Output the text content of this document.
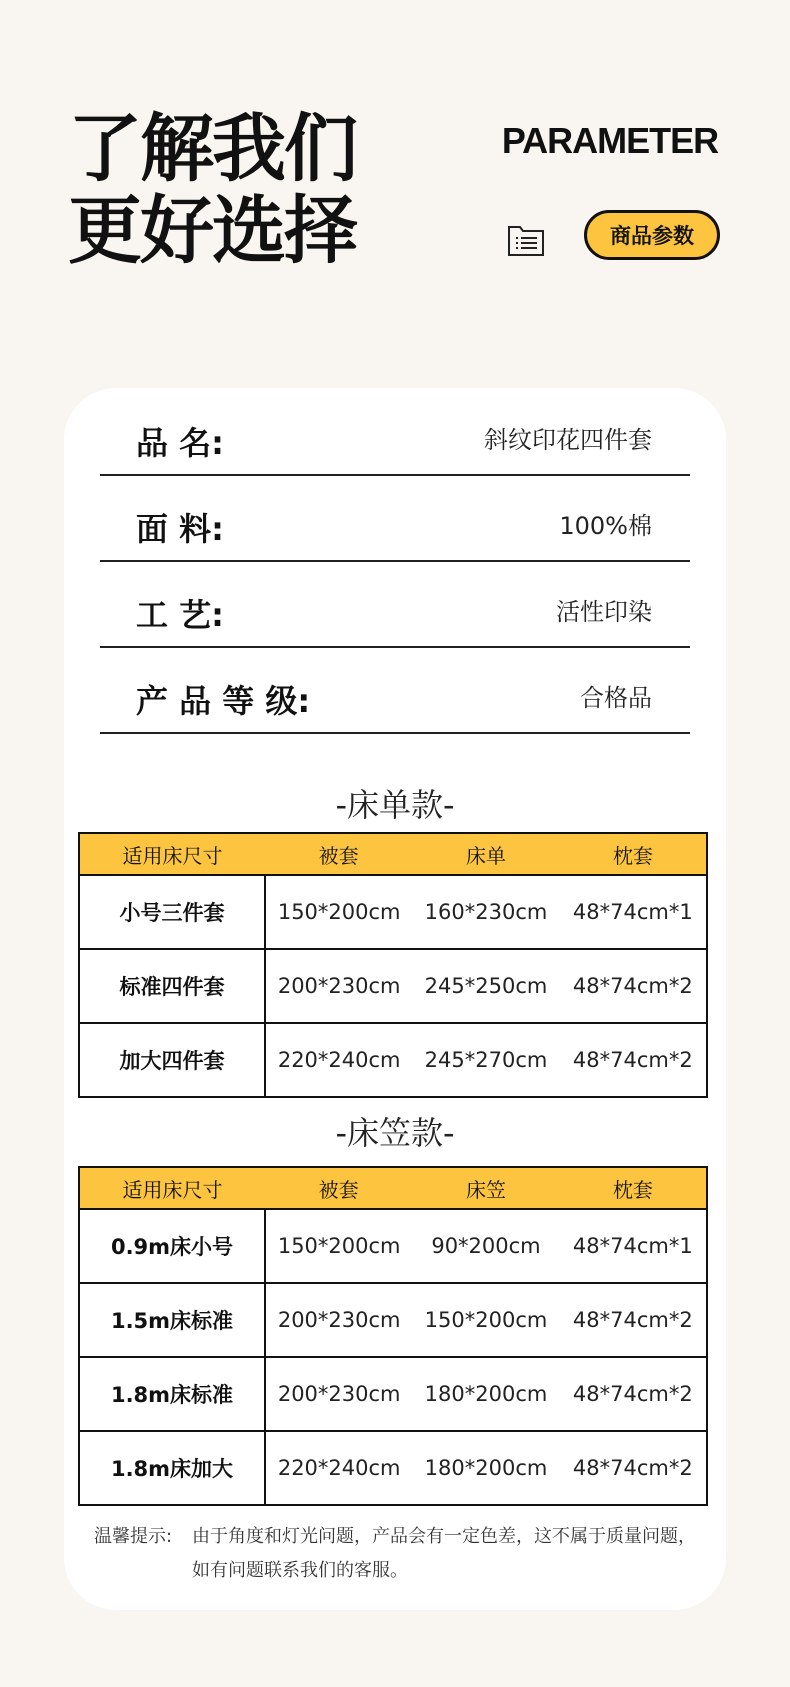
了解我们
更好选择
PARAMETER
商品参数
品 名:	斜纹印花四件套
面 料:	100%棉
工 艺:	活性印染
产 品 等 级:	合格品
-床单款-
适用床尺寸	被套	床单	枕套
小号三件套	150*200cm	160*230cm	48*74cm*1
标准四件套	200*230cm	245*250cm	48*74cm*2
加大四件套	220*240cm	245*270cm	48*74cm*2
-床笠款-
适用床尺寸	被套	床笠	枕套
0.9m床小号	150*200cm	90*200cm	48*74cm*1
1.5m床标准	200*230cm	150*200cm	48*74cm*2
1.8m床标准	200*230cm	180*200cm	48*74cm*2
1.8m床加大	220*240cm	180*200cm	48*74cm*2
温馨提示: 由于角度和灯光问题，产品会有一定色差，这不属于质量问题，如有问题联系我们的客服。
